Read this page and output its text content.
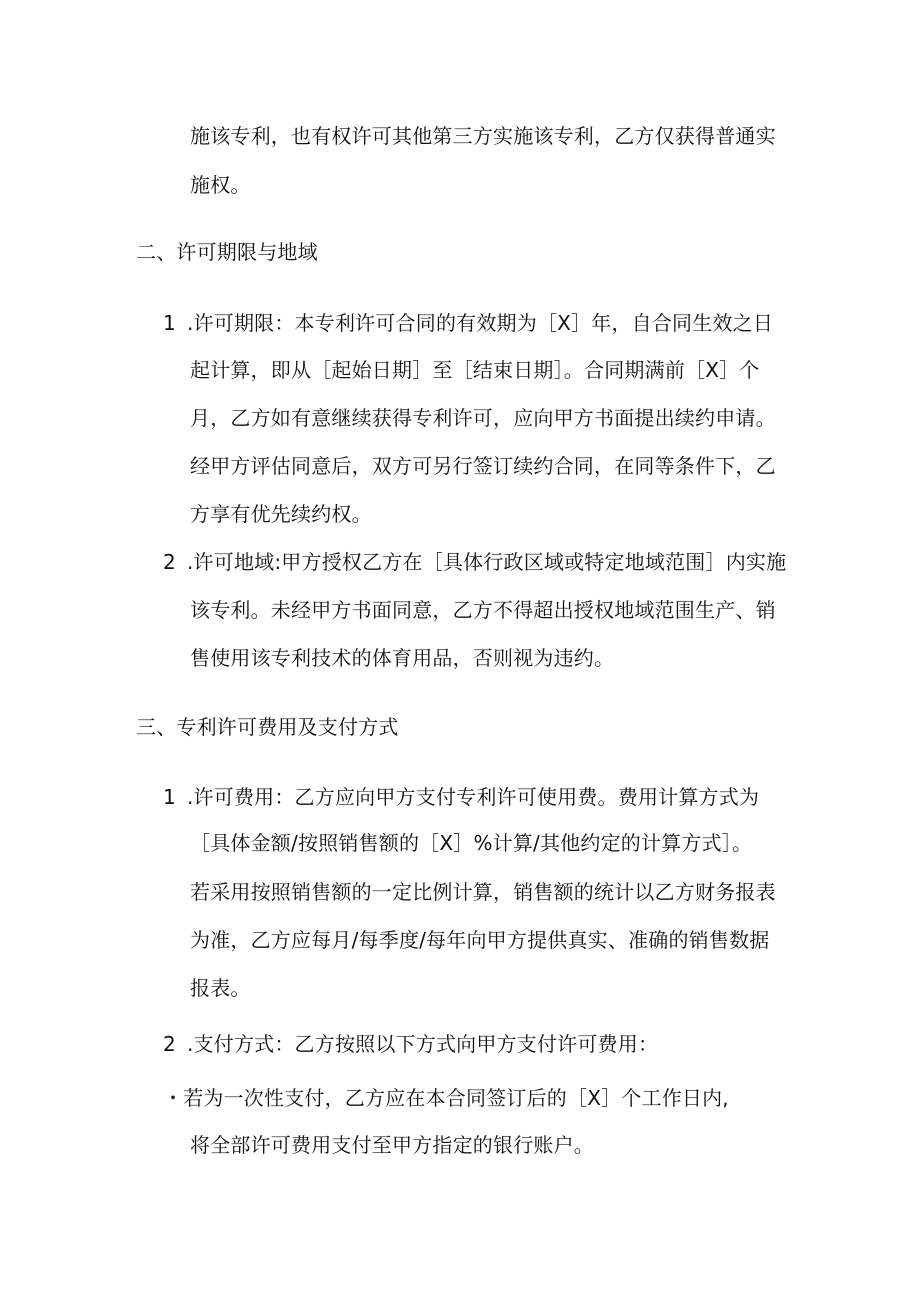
施该专利，也有权许可其他第三方实施该专利，乙方仅获得普通实
施权。
二、许可期限与地域
1 .许可期限：本专利许可合同的有效期为［X］年，自合同生效之日
起计算，即从［起始日期］至［结束日期］。合同期满前［X］个
月，乙方如有意继续获得专利许可，应向甲方书面提出续约申请。
经甲方评估同意后，双方可另行签订续约合同，在同等条件下，乙
方享有优先续约权。
2 .许可地域:甲方授权乙方在［具体行政区域或特定地域范围］内实施
该专利。未经甲方书面同意，乙方不得超出授权地域范围生产、销
售使用该专利技术的体育用品，否则视为违约。
三、专利许可费用及支付方式
1 .许可费用：乙方应向甲方支付专利许可使用费。费用计算方式为
［具体金额/按照销售额的［X］%计算/其他约定的计算方式］。
若采用按照销售额的一定比例计算，销售额的统计以乙方财务报表
为准，乙方应每月/每季度/每年向甲方提供真实、准确的销售数据
报表。
2 .支付方式：乙方按照以下方式向甲方支付许可费用：
・若为一次性支付，乙方应在本合同签订后的［X］个工作日内,
将全部许可费用支付至甲方指定的银行账户。
